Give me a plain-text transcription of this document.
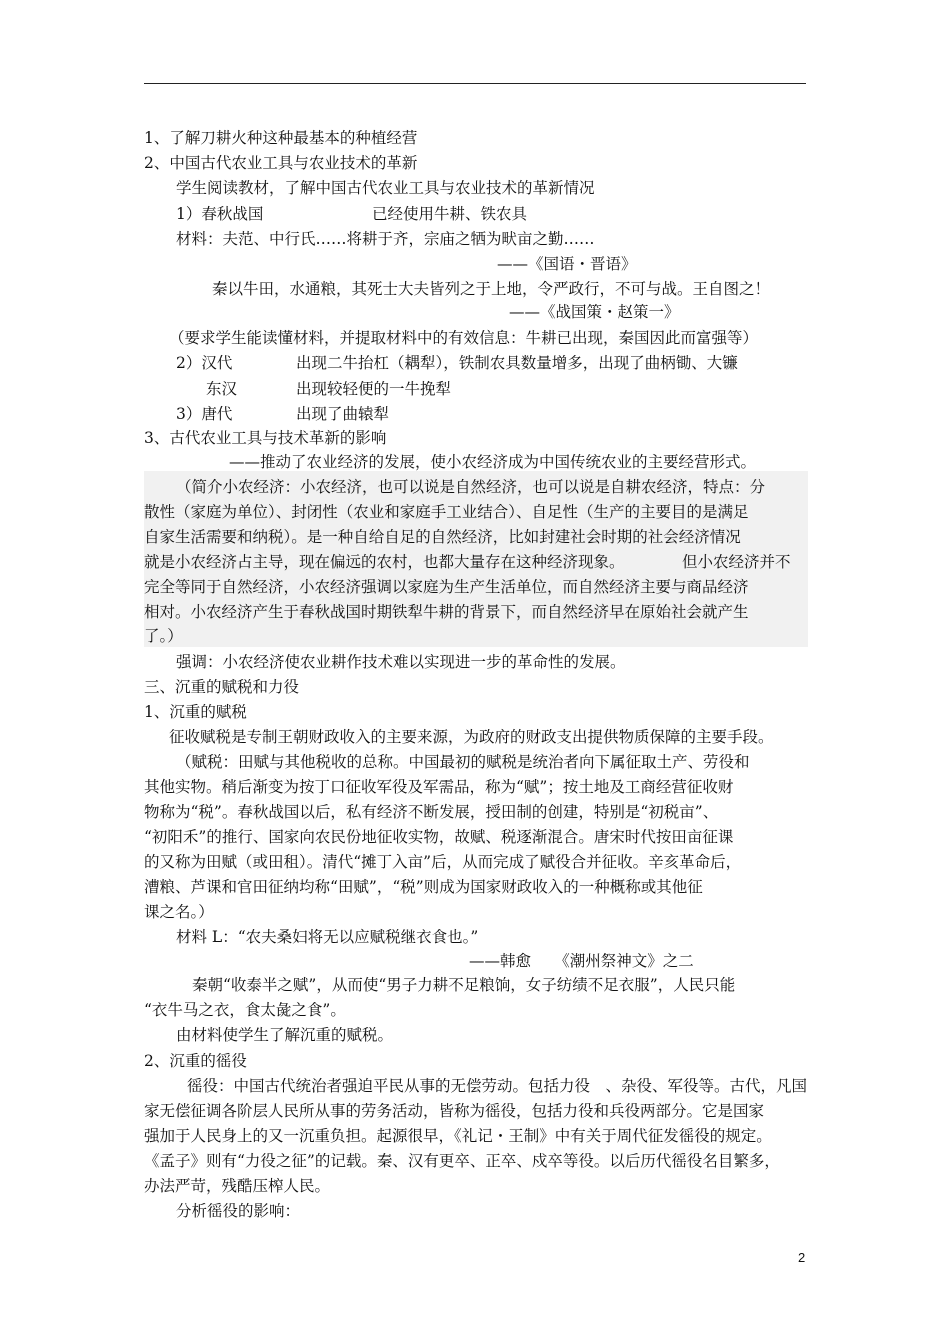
1、了解刀耕火种这种最基本的种植经营
2、中国古代农业工具与农业技术的革新
学生阅读教材，了解中国古代农业工具与农业技术的革新情况
1）春秋战国	已经使用牛耕、铁农具
材料：夫范、中行氏……将耕于齐，宗庙之牺为畎亩之勤……
——《国语・晋语》
秦以牛田，水通粮，其死士大夫皆列之于上地，令严政行，不可与战。王自图之！
——《战国策・赵策一》
（要求学生能读懂材料，并提取材料中的有效信息：牛耕已出现，秦国因此而富强等）
2）汉代	出现二牛抬杠（耦犁），铁制农具数量增多，出现了曲柄锄、大镰
东汉	出现较轻便的一牛挽犁
3）唐代	出现了曲辕犁
3、古代农业工具与技术革新的影响
——推动了农业经济的发展，使小农经济成为中国传统农业的主要经营形式。
（简介小农经济：小农经济，也可以说是自然经济，也可以说是自耕农经济，特点：分
散性（家庭为单位）、封闭性（农业和家庭手工业结合）、自足性（生产的主要目的是满足
自家生活需要和纳税）。是一种自给自足的自然经济，比如封建社会时期的社会经济情况
就是小农经济占主导，现在偏远的农村，也都大量存在这种经济现象。	但小农经济并不
完全等同于自然经济，小农经济强调以家庭为生产生活单位，而自然经济主要与商品经济
相对。小农经济产生于春秋战国时期铁犁牛耕的背景下，而自然经济早在原始社会就产生
了。）
强调：小农经济使农业耕作技术难以实现进一步的革命性的发展。
三、沉重的赋税和力役
1、沉重的赋税
征收赋税是专制王朝财政收入的主要来源，为政府的财政支出提供物质保障的主要手段。
（赋税：田赋与其他税收的总称。中国最初的赋税是统治者向下属征取土产、劳役和
其他实物。稍后渐变为按丁口征收军役及军需品，称为“赋”；按土地及工商经营征收财
物称为“税”。春秋战国以后，私有经济不断发展，授田制的创建，特别是“初税亩”、
“初阳禾”的推行、国家向农民份地征收实物，故赋、税逐渐混合。唐宋时代按田亩征课
的又称为田赋（或田租）。清代“摊丁入亩”后，从而完成了赋役合并征收。辛亥革命后，
漕粮、芦课和官田征纳均称“田赋”，“税”则成为国家财政收入的一种概称或其他征
课之名。）
材料 L：“农夫桑妇将无以应赋税继衣食也。”
——韩愈　　《潮州祭神文》之二
秦朝“收泰半之赋”，从而使“男子力耕不足粮饷，女子纺绩不足衣服”，人民只能
“衣牛马之衣，食太彘之食”。
由材料使学生了解沉重的赋税。
2、沉重的徭役
徭役：中国古代统治者强迫平民从事的无偿劳动。包括力役　、杂役、军役等。古代，凡国
家无偿征调各阶层人民所从事的劳务活动，皆称为徭役，包括力役和兵役两部分。它是国家
强加于人民身上的又一沉重负担。起源很早，《礼记・王制》中有关于周代征发徭役的规定。
《孟子》则有“力役之征”的记载。秦、汉有更卒、正卒、戍卒等役。以后历代徭役名目繁多，
办法严苛，残酷压榨人民。
分析徭役的影响：
2
